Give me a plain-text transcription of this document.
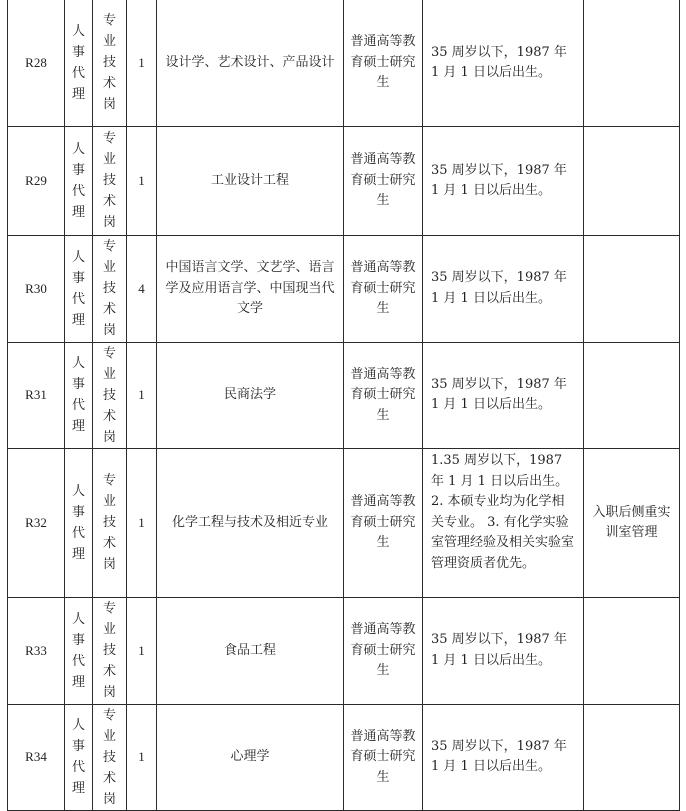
R28	人事代理	专业技术岗	1	设计学、艺术设计、产品设计	普通高等教育硕士研究生	35 周岁以下，1987 年 1 月 1 日以后出生。	
R29	人事代理	专业技术岗	1	工业设计工程	普通高等教育硕士研究生	35 周岁以下，1987 年 1 月 1 日以后出生。	
R30	人事代理	专业技术岗	4	中国语言文学、文艺学、语言学及应用语言学、中国现当代文学	普通高等教育硕士研究生	35 周岁以下，1987 年 1 月 1 日以后出生。	
R31	人事代理	专业技术岗	1	民商法学	普通高等教育硕士研究生	35 周岁以下，1987 年 1 月 1 日以后出生。	
R32	人事代理	专业技术岗	1	化学工程与技术及相近专业	普通高等教育硕士研究生	1.35 周岁以下，1987 年 1 月 1 日以后出生。 2. 本硕专业均为化学相关专业。 3. 有化学实验室管理经验及相关实验室管理资质者优先。	入职后侧重实训室管理
R33	人事代理	专业技术岗	1	食品工程	普通高等教育硕士研究生	35 周岁以下，1987 年 1 月 1 日以后出生。	
R34	人事代理	专业技术岗	1	心理学	普通高等教育硕士研究生	35 周岁以下，1987 年 1 月 1 日以后出生。	
